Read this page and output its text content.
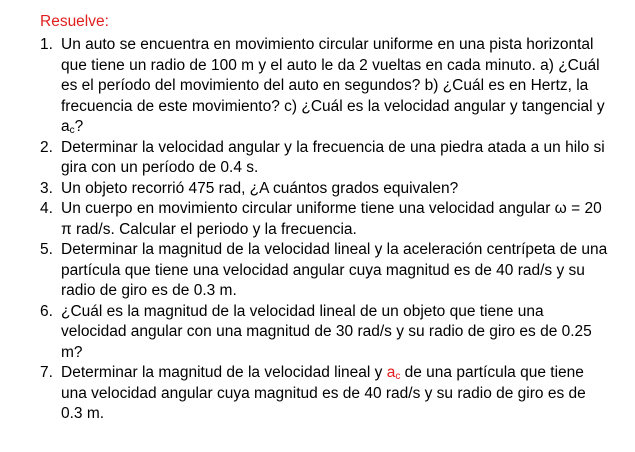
Resuelve:
1. Un auto se encuentra en movimiento circular uniforme en una pista horizontal que tiene un radio de 100 m y el auto le da 2 vueltas en cada minuto. a) ¿Cuál es el período del movimiento del auto en segundos? b) ¿Cuál es en Hertz, la frecuencia de este movimiento? c) ¿Cuál es la velocidad angular y tangencial y $a_c$?
2. Determinar la velocidad angular y la frecuencia de una piedra atada a un hilo si gira con un período de 0.4 s.
3. Un objeto recorrió 475 rad, ¿A cuántos grados equivalen?
4. Un cuerpo en movimiento circular uniforme tiene una velocidad angular ω = 20 π rad/s. Calcular el periodo y la frecuencia.
5. Determinar la magnitud de la velocidad lineal y la aceleración centrípeta de una partícula que tiene una velocidad angular cuya magnitud es de 40 rad/s y su radio de giro es de 0.3 m.
6. ¿Cuál es la magnitud de la velocidad lineal de un objeto que tiene una velocidad angular con una magnitud de 30 rad/s y su radio de giro es de 0.25 m?
7. Determinar la magnitud de la velocidad lineal y $a_c$ de una partícula que tiene una velocidad angular cuya magnitud es de 40 rad/s y su radio de giro es de 0.3 m.
